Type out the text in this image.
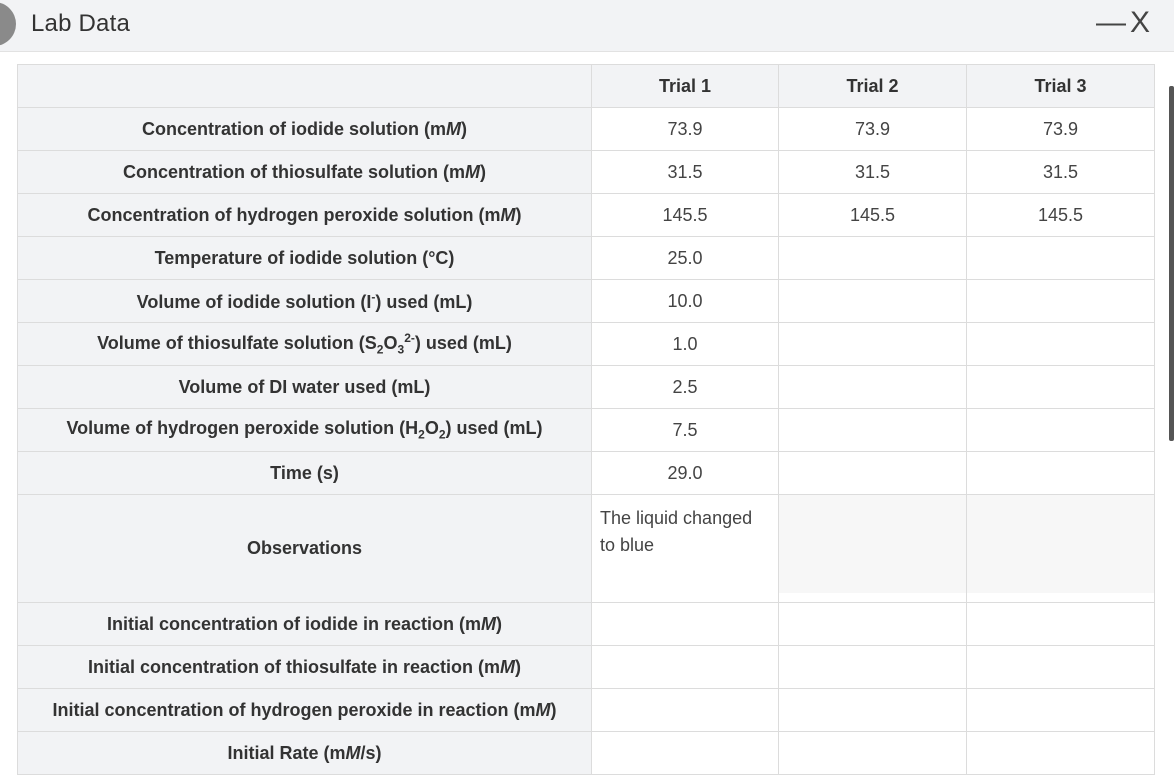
Lab Data	— X
	Trial 1	Trial 2	Trial 3
Concentration of iodide solution (mM)	73.9	73.9	73.9
Concentration of thiosulfate solution (mM)	31.5	31.5	31.5
Concentration of hydrogen peroxide solution (mM)	145.5	145.5	145.5
Temperature of iodide solution (°C)	25.0		
Volume of iodide solution (I-) used (mL)	10.0		
Volume of thiosulfate solution $(S_2O_3^{2-})$ used (mL)	1.0		
Volume of DI water used (mL)	2.5		
Volume of hydrogen peroxide solution $(H_2O_2)$ used (mL)	7.5		
Time (s)	29.0		
Observations	The liquid changed to blue	

Initial concentration of iodide in reaction (mM)			
Initial concentration of thiosulfate in reaction (mM)			
Initial concentration of hydrogen peroxide in reaction (mM)			
Initial Rate (mM/s)			
